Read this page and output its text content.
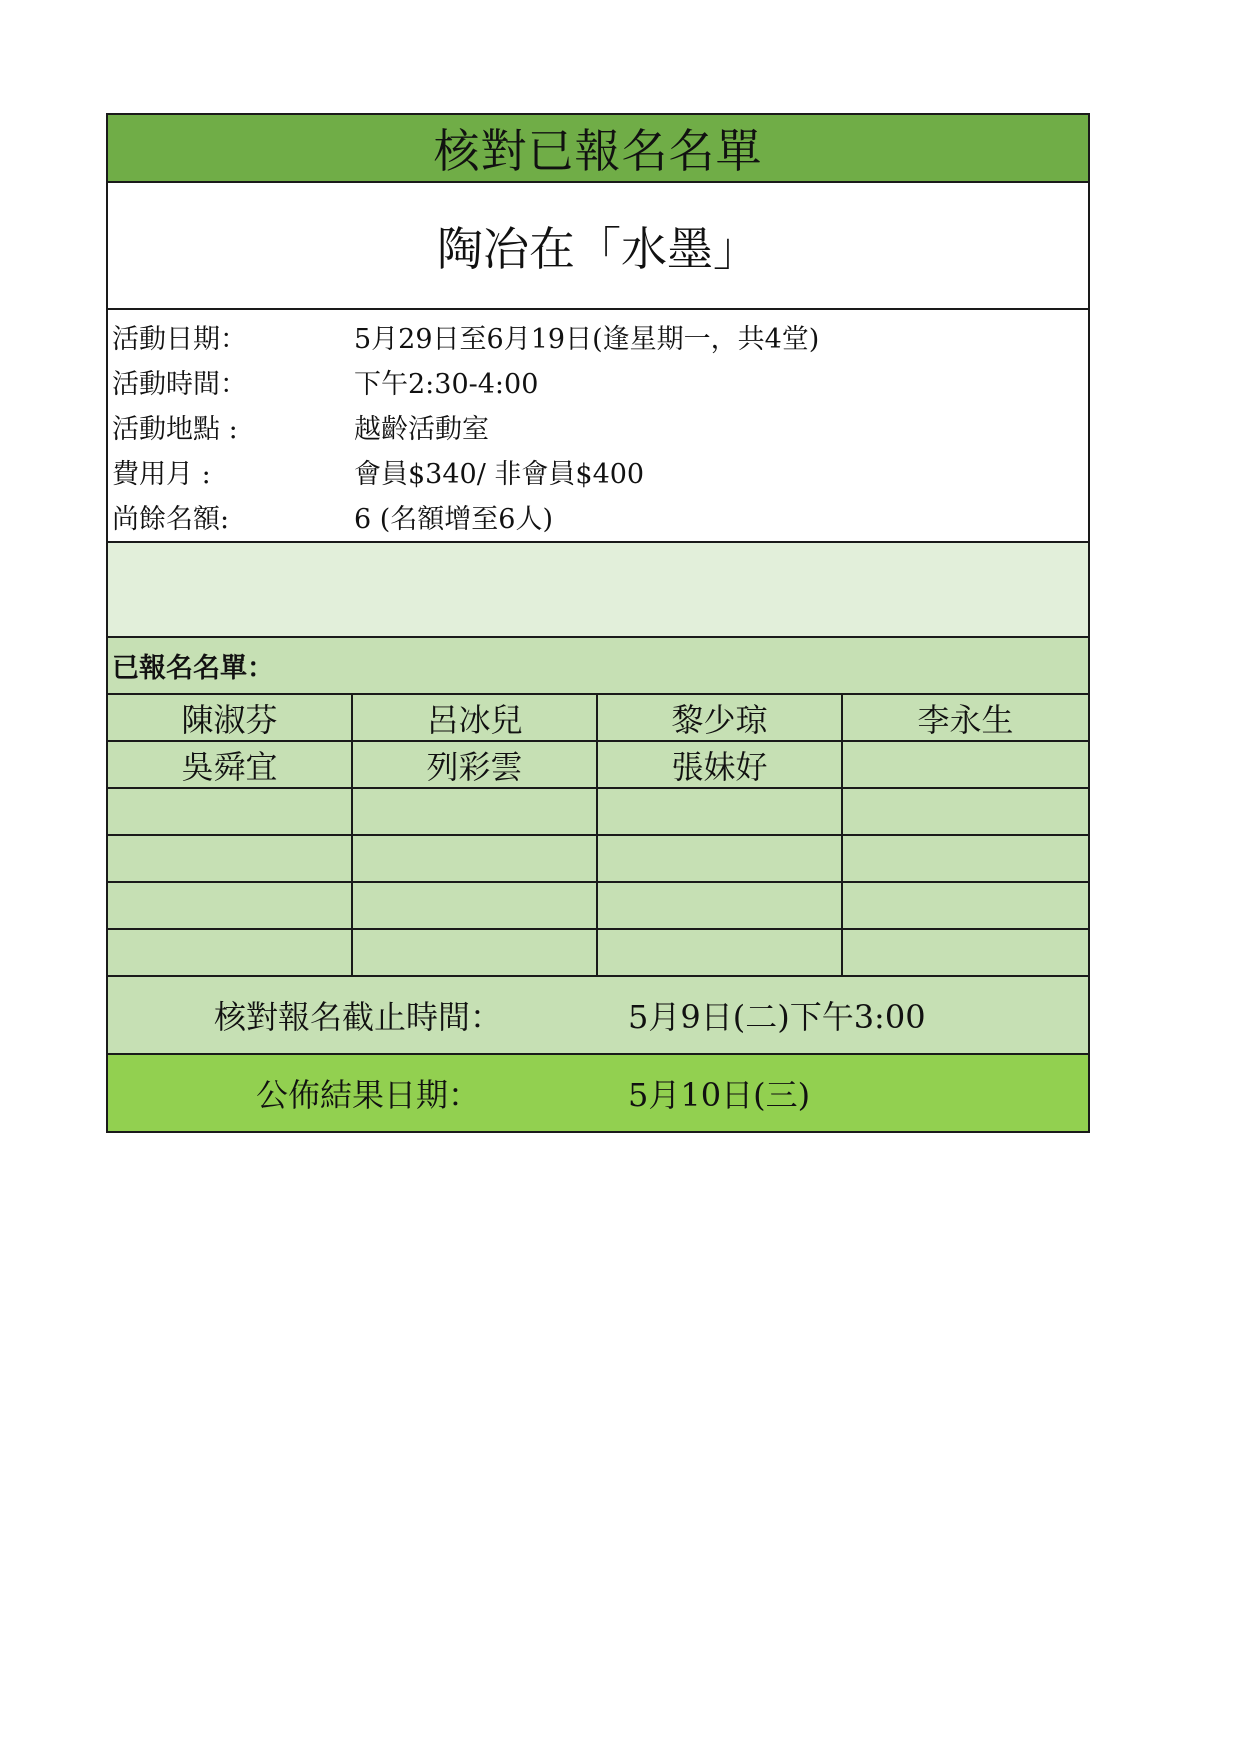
核對已報名名單
陶冶在「水墨」
活動日期：	5月29日至6月19日(逢星期一，共4堂)
活動時間：	下午2:30-4:00
活動地點 :	越齡活動室
費用月 :	會員$340/ 非會員$400
尚餘名額:	6 (名額增至6人)
已報名名單：
陳淑芬	呂冰兒	黎少琼	李永生
吳舜宜	列彩雲	張妹好
核對報名截止時間：	5月9日(二)下午3:00
公佈結果日期：	5月10日(三)
